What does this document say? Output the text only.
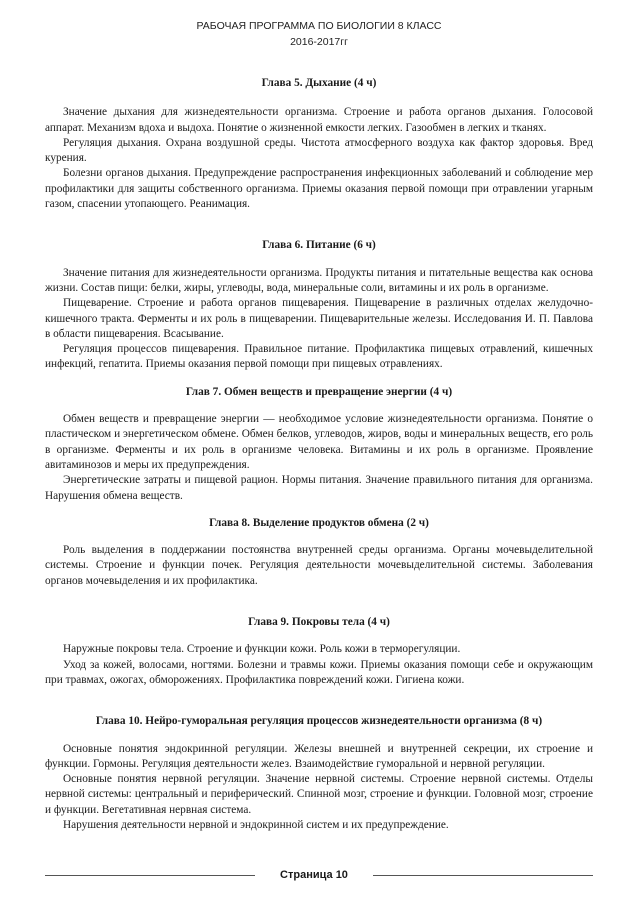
РАБОЧАЯ ПРОГРАММА ПО БИОЛОГИИ 8 КЛАСС
2016-2017гг

Глава 5. Дыхание (4 ч)

Значение дыхания для жизнедеятельности организма. Строение и работа органов дыхания. Голосовой аппарат. Механизм вдоха и выдоха. Понятие о жизненной емкости легких. Газообмен в легких и тканях.

Регуляция дыхания. Охрана воздушной среды. Чистота атмосферного воздуха как фактор здоровья. Вред курения.

Болезни органов дыхания. Предупреждение распространения инфекционных заболеваний и соблюдение мер профилактики для защиты собственного организма. Приемы оказания первой помощи при отравлении угарным газом, спасении утопающего. Реанимация.

Глава 6. Питание (6 ч)

Значение питания для жизнедеятельности организма. Продукты питания и питательные вещества как основа жизни. Состав пищи: белки, жиры, углеводы, вода, минеральные соли, витамины и их роль в организме.

Пищеварение. Строение и работа органов пищеварения. Пищеварение в различных отделах желудочно-кишечного тракта. Ферменты и их роль в пищеварении. Пищеварительные железы. Исследования И. П. Павлова в области пищеварения. Всасывание.

Регуляция процессов пищеварения. Правильное питание. Профилактика пищевых отравлений, кишечных инфекций, гепатита. Приемы оказания первой помощи при пищевых отравлениях.

Глав 7. Обмен веществ и превращение энергии (4 ч)

Обмен веществ и превращение энергии — необходимое условие жизнедеятельности организма. Понятие о пластическом и энергетическом обмене. Обмен белков, углеводов, жиров, воды и минеральных веществ, его роль в организме. Ферменты и их роль в организме человека. Витамины и их роль в организме. Проявление авитаминозов и меры их предупреждения.

Энергетические затраты и пищевой рацион. Нормы питания. Значение правильного питания для организма. Нарушения обмена веществ.

Глава 8. Выделение продуктов обмена (2 ч)

Роль выделения в поддержании постоянства внутренней среды организма. Органы мочевыделительной системы. Строение и функции почек. Регуляция деятельности мочевыделительной системы. Заболевания органов мочевыделения и их профилактика.

Глава 9. Покровы тела (4 ч)

Наружные покровы тела. Строение и функции кожи. Роль кожи в терморегуляции.

Уход за кожей, волосами, ногтями. Болезни и травмы кожи. Приемы оказания помощи себе и окружающим при травмах, ожогах, обморожениях. Профилактика повреждений кожи. Гигиена кожи.

Глава 10. Нейро-гуморальная регуляция процессов жизнедеятельности организма (8 ч)

Основные понятия эндокринной регуляции. Железы внешней и внутренней секреции, их строение и функции. Гормоны. Регуляция деятельности желез. Взаимодействие гуморальной и нервной регуляции.

Основные понятия нервной регуляции. Значение нервной системы. Строение нервной системы. Отделы нервной системы: центральный и периферический. Спинной мозг, строение и функции. Головной мозг, строение и функции. Вегетативная нервная система.

Нарушения деятельности нервной и эндокринной систем и их предупреждение.

Страница 10
